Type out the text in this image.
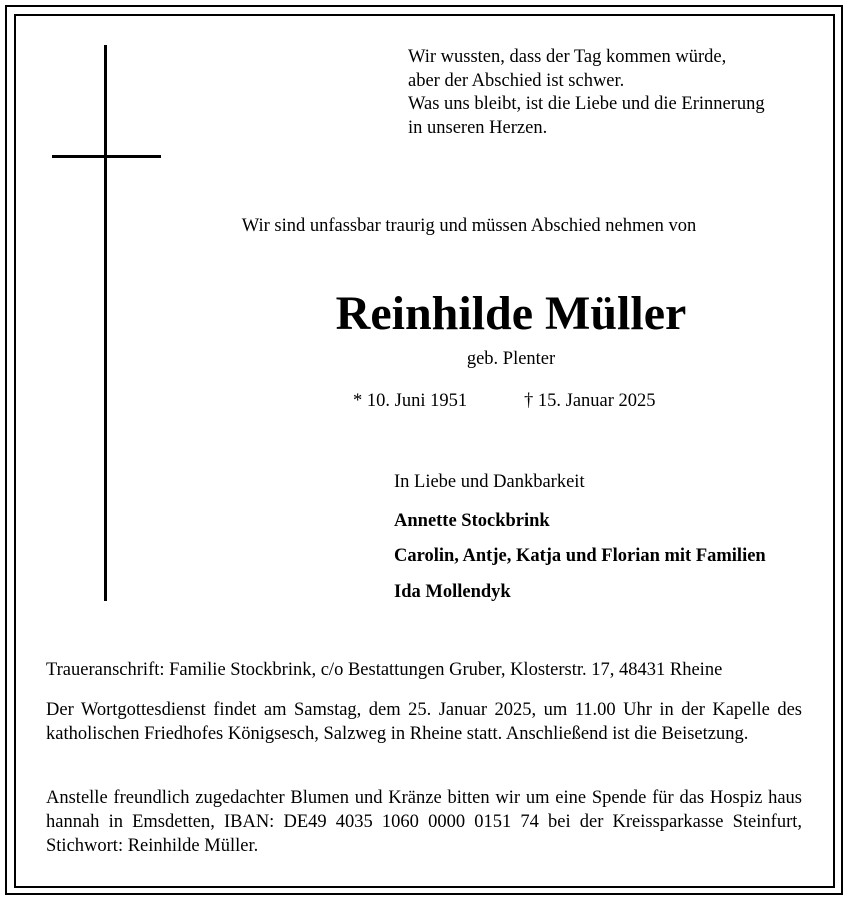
Wir wussten, dass der Tag kommen würde,
aber der Abschied ist schwer.
Was uns bleibt, ist die Liebe und die Erinnerung
in unseren Herzen.
Wir sind unfassbar traurig und müssen Abschied nehmen von
Reinhilde Müller
geb. Plenter
* 10. Juni 1951	† 15. Januar 2025
In Liebe und Dankbarkeit
Annette Stockbrink
Carolin, Antje, Katja und Florian mit Familien
Ida Mollendyk
Traueranschrift: Familie Stockbrink, c/o Bestattungen Gruber, Klosterstr. 17, 48431 Rheine
Der Wortgottesdienst findet am Samstag, dem 25. Januar 2025, um 11.00 Uhr in der Kapelle des katholischen Friedhofes Königsesch, Salzweg in Rheine statt. Anschließend ist die Beisetzung.
Anstelle freundlich zugedachter Blumen und Kränze bitten wir um eine Spende für das Hospiz haus hannah in Emsdetten, IBAN: DE49 4035 1060 0000 0151 74 bei der Kreissparkasse Steinfurt, Stichwort: Reinhilde Müller.
